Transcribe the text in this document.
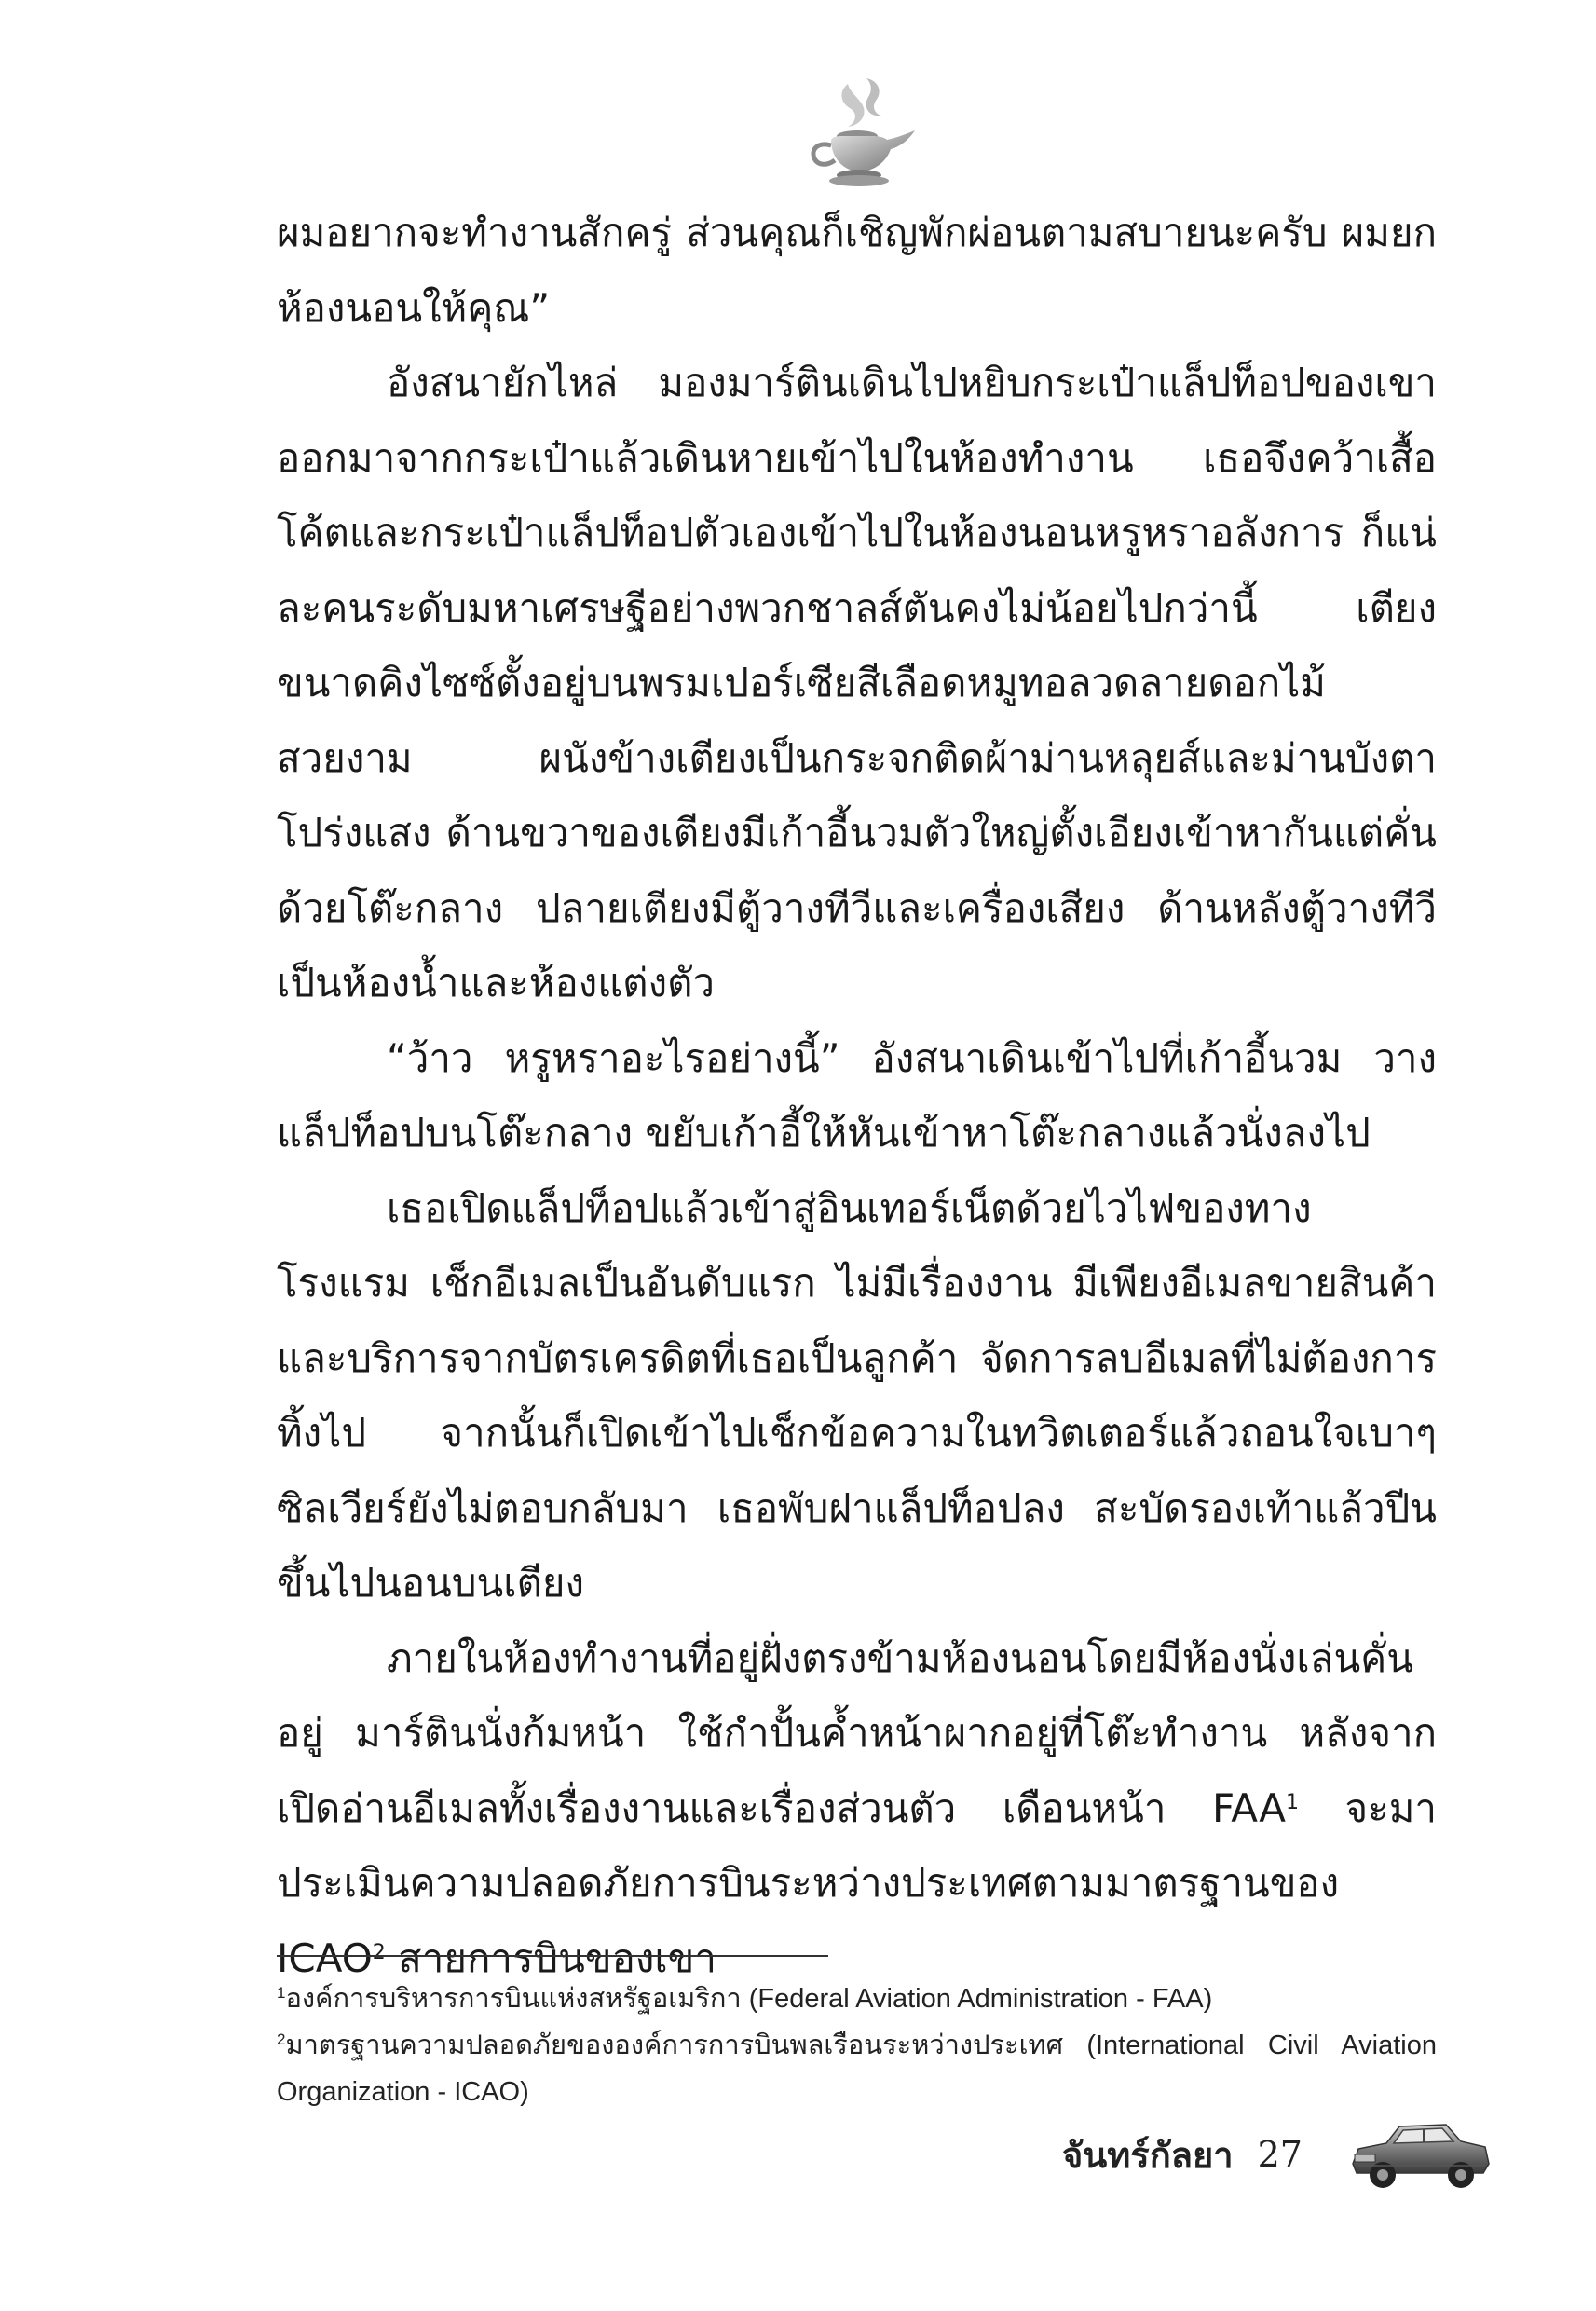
ผมอยากจะทำงานสักครู่ ส่วนคุณก็เชิญพักผ่อนตามสบายนะครับ ผมยกห้องนอนให้คุณ”

อังสนายักไหล่ มองมาร์ตินเดินไปหยิบกระเป๋าแล็ปท็อปของเขาออกมาจากกระเป๋าแล้วเดินหายเข้าไปในห้องทำงาน เธอจึงคว้าเสื้อโค้ตและกระเป๋าแล็ปท็อปตัวเองเข้าไปในห้องนอนหรูหราอลังการ ก็แน่ละคนระดับมหาเศรษฐีอย่างพวกชาลส์ตันคงไม่น้อยไปกว่านี้ เตียงขนาดคิงไซซ์ตั้งอยู่บนพรมเปอร์เซียสีเลือดหมูทอลวดลายดอกไม้สวยงาม ผนังข้างเตียงเป็นกระจกติดผ้าม่านหลุยส์และม่านบังตาโปร่งแสง ด้านขวาของเตียงมีเก้าอี้นวมตัวใหญ่ตั้งเอียงเข้าหากันแต่คั่นด้วยโต๊ะกลาง ปลายเตียงมีตู้วางทีวีและเครื่องเสียง ด้านหลังตู้วางทีวีเป็นห้องน้ำและห้องแต่งตัว

“ว้าว หรูหราอะไรอย่างนี้” อังสนาเดินเข้าไปที่เก้าอี้นวม วางแล็ปท็อปบนโต๊ะกลาง ขยับเก้าอี้ให้หันเข้าหาโต๊ะกลางแล้วนั่งลงไป

เธอเปิดแล็ปท็อปแล้วเข้าสู่อินเทอร์เน็ตด้วยไวไฟของทางโรงแรม เช็กอีเมลเป็นอันดับแรก ไม่มีเรื่องงาน มีเพียงอีเมลขายสินค้าและบริการจากบัตรเครดิตที่เธอเป็นลูกค้า จัดการลบอีเมลที่ไม่ต้องการทิ้งไป จากนั้นก็เปิดเข้าไปเช็กข้อความในทวิตเตอร์แล้วถอนใจเบาๆ ซิลเวียร์ยังไม่ตอบกลับมา เธอพับฝาแล็ปท็อปลง สะบัดรองเท้าแล้วปีนขึ้นไปนอนบนเตียง

ภายในห้องทำงานที่อยู่ฝั่งตรงข้ามห้องนอนโดยมีห้องนั่งเล่นคั่นอยู่ มาร์ตินนั่งก้มหน้า ใช้กำปั้นค้ำหน้าผากอยู่ที่โต๊ะทำงาน หลังจากเปิดอ่านอีเมลทั้งเรื่องงานและเรื่องส่วนตัว เดือนหน้า FAA$^1$ จะมาประเมินความปลอดภัยการบินระหว่างประเทศตามมาตรฐานของ ICAO$^2$ สายการบินของเขา

$^1$องค์การบริหารการบินแห่งสหรัฐอเมริกา (Federal Aviation Administration - FAA)

$^2$มาตรฐานความปลอดภัยขององค์การการบินพลเรือนระหว่างประเทศ (International Civil Aviation Organization - ICAO)

จันทร์กัลยา 27
